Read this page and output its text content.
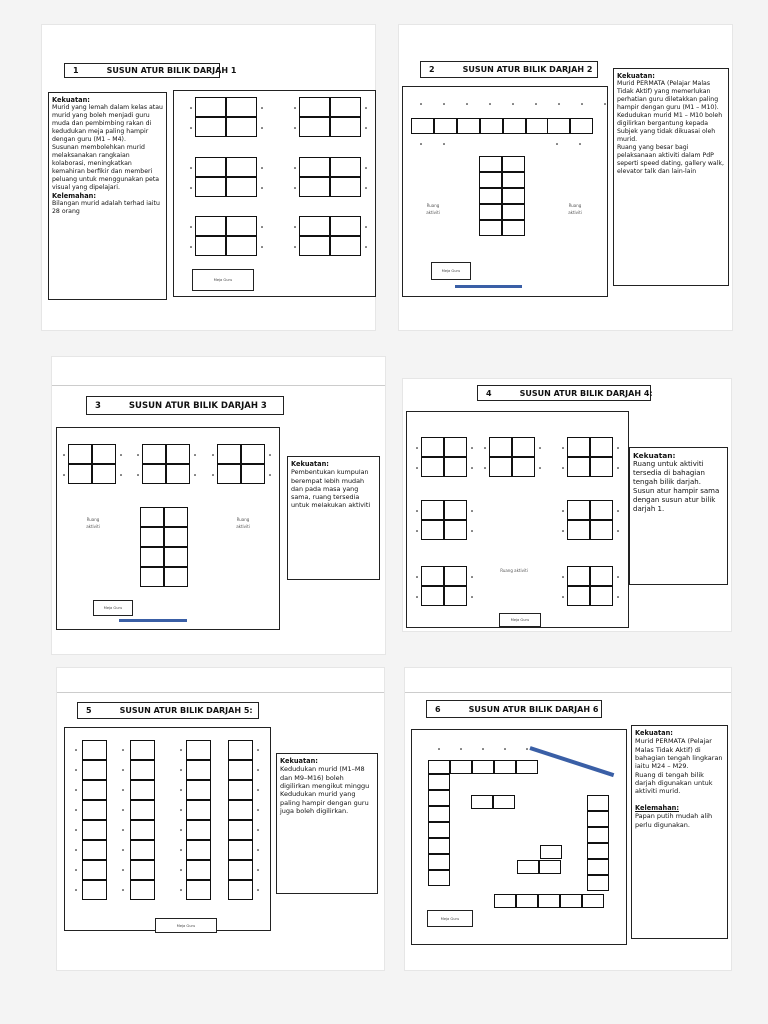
1	SUSUN ATUR BILIK DARJAH 1
Kekuatan:
Murid yang lemah dalam kelas atau murid yang boleh menjadi guru muda dan pembimbing rakan di kedudukan meja paling hampir dengan guru (M1 – M4).
Susunan membolehkan murid melaksanakan rangkaian kolaborasi, meningkatkan kemahiran berfikir dan memberi peluang untuk menggunakan peta visual yang dipelajari.
Kelemahan:
Bilangan murid adalah terhad iaitu 28 orang
Meja Guru
2	SUSUN ATUR BILIK DARJAH 2
Ruang
aktiviti
Ruang
aktiviti
Meja Guru
Kekuatan:
Murid PERMATA (Pelajar Malas Tidak Aktif) yang memerlukan perhatian guru diletakkan paling hampir dengan guru (M1 – M10).
Kedudukan murid M1 – M10 boleh digilirkan bergantung kepada Subjek yang tidak dikuasai oleh murid.
Ruang yang besar bagi pelaksanaan aktiviti dalam PdP seperti speed dating, gallery walk, elevator talk dan lain-lain
3	SUSUN ATUR BILIK DARJAH 3
Ruang
aktiviti
Ruang
aktiviti
Meja Guru
Kekuatan:
Pembentukan kumpulan berempat lebih mudah dan pada masa yang sama, ruang tersedia untuk melakukan aktiviti
4	SUSUN ATUR BILIK DARJAH 4:
Ruang aktiviti
Meja Guru
Kekuatan:
Ruang untuk aktiviti tersedia di bahagian tengah bilik darjah.
Susun atur hampir sama dengan susun atur bilik darjah 1.
5	SUSUN ATUR BILIK DARJAH 5:
Meja Guru
Kekuatan:
Kedudukan murid (M1–M8 dan M9–M16) boleh digilirkan mengikut minggu Kedudukan murid yang paling hampir dengan guru juga boleh digilirkan.
6	SUSUN ATUR BILIK DARJAH 6
Meja Guru
Kekuatan:
Murid PERMATA (Pelajar Malas Tidak Aktif) di bahagian tengah lingkaran iaitu M24 – M29.
Ruang di tengah bilik darjah digunakan untuk aktiviti murid.

Kelemahan:
Papan putih mudah alih perlu digunakan.
